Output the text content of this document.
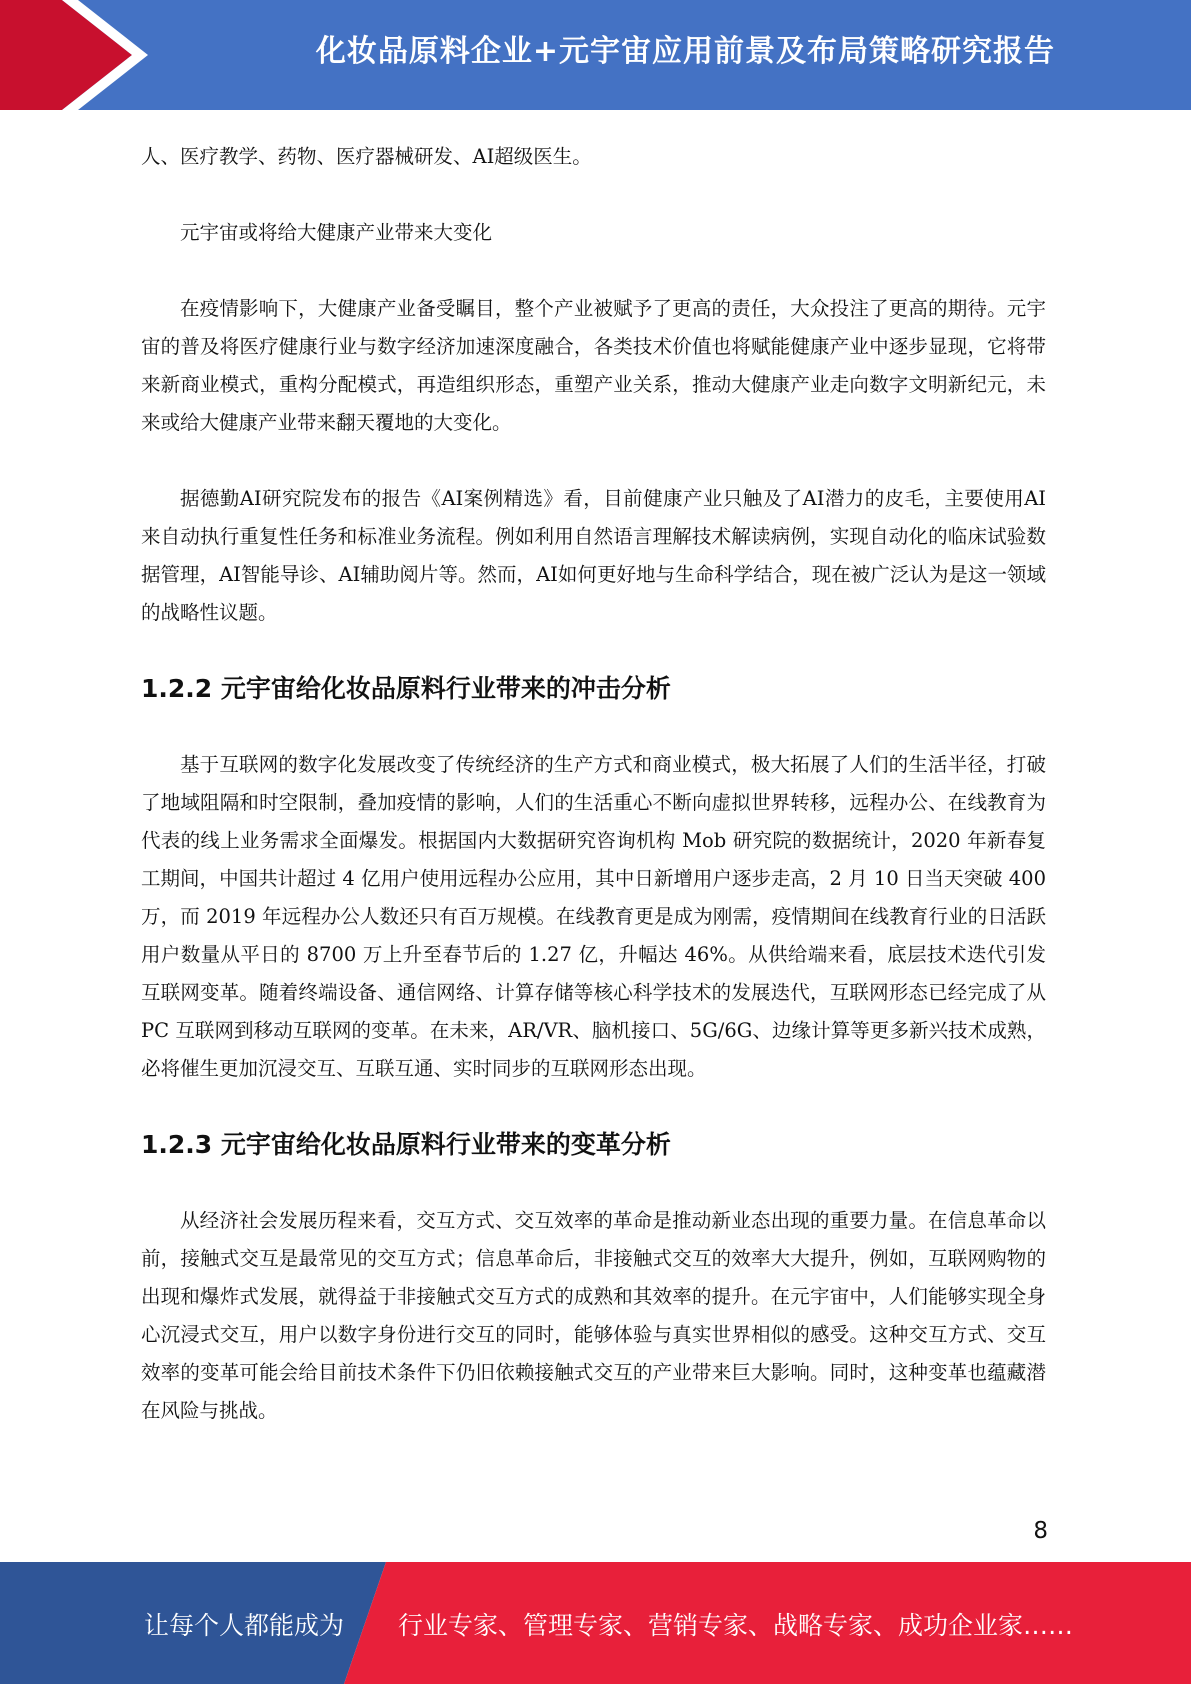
化妆品原料企业+元宇宙应用前景及布局策略研究报告

人、医疗教学、药物、医疗器械研发、AI超级医生。

元宇宙或将给大健康产业带来大变化

在疫情影响下，大健康产业备受瞩目，整个产业被赋予了更高的责任，大众投注了更高的期待。元宇宙的普及将医疗健康行业与数字经济加速深度融合，各类技术价值也将赋能健康产业中逐步显现，它将带来新商业模式，重构分配模式，再造组织形态，重塑产业关系，推动大健康产业走向数字文明新纪元，未来或给大健康产业带来翻天覆地的大变化。

据德勤AI研究院发布的报告《AI案例精选》看，目前健康产业只触及了AI潜力的皮毛，主要使用AI来自动执行重复性任务和标准业务流程。例如利用自然语言理解技术解读病例，实现自动化的临床试验数据管理，AI智能导诊、AI辅助阅片等。然而，AI如何更好地与生命科学结合，现在被广泛认为是这一领域的战略性议题。

1.2.2 元宇宙给化妆品原料行业带来的冲击分析

基于互联网的数字化发展改变了传统经济的生产方式和商业模式，极大拓展了人们的生活半径，打破了地域阻隔和时空限制，叠加疫情的影响，人们的生活重心不断向虚拟世界转移，远程办公、在线教育为代表的线上业务需求全面爆发。根据国内大数据研究咨询机构 Mob 研究院的数据统计，2020 年新春复工期间，中国共计超过 4 亿用户使用远程办公应用，其中日新增用户逐步走高，2 月 10 日当天突破 400 万，而 2019 年远程办公人数还只有百万规模。在线教育更是成为刚需，疫情期间在线教育行业的日活跃用户数量从平日的 8700 万上升至春节后的 1.27 亿，升幅达 46%。从供给端来看，底层技术迭代引发互联网变革。随着终端设备、通信网络、计算存储等核心科学技术的发展迭代，互联网形态已经完成了从 PC 互联网到移动互联网的变革。在未来，AR/VR、脑机接口、5G/6G、边缘计算等更多新兴技术成熟，必将催生更加沉浸交互、互联互通、实时同步的互联网形态出现。

1.2.3 元宇宙给化妆品原料行业带来的变革分析

从经济社会发展历程来看，交互方式、交互效率的革命是推动新业态出现的重要力量。在信息革命以前，接触式交互是最常见的交互方式；信息革命后，非接触式交互的效率大大提升，例如，互联网购物的出现和爆炸式发展，就得益于非接触式交互方式的成熟和其效率的提升。在元宇宙中，人们能够实现全身心沉浸式交互，用户以数字身份进行交互的同时，能够体验与真实世界相似的感受。这种交互方式、交互效率的变革可能会给目前技术条件下仍旧依赖接触式交互的产业带来巨大影响。同时，这种变革也蕴藏潜在风险与挑战。

8
让每个人都能成为 行业专家、管理专家、营销专家、战略专家、成功企业家……
